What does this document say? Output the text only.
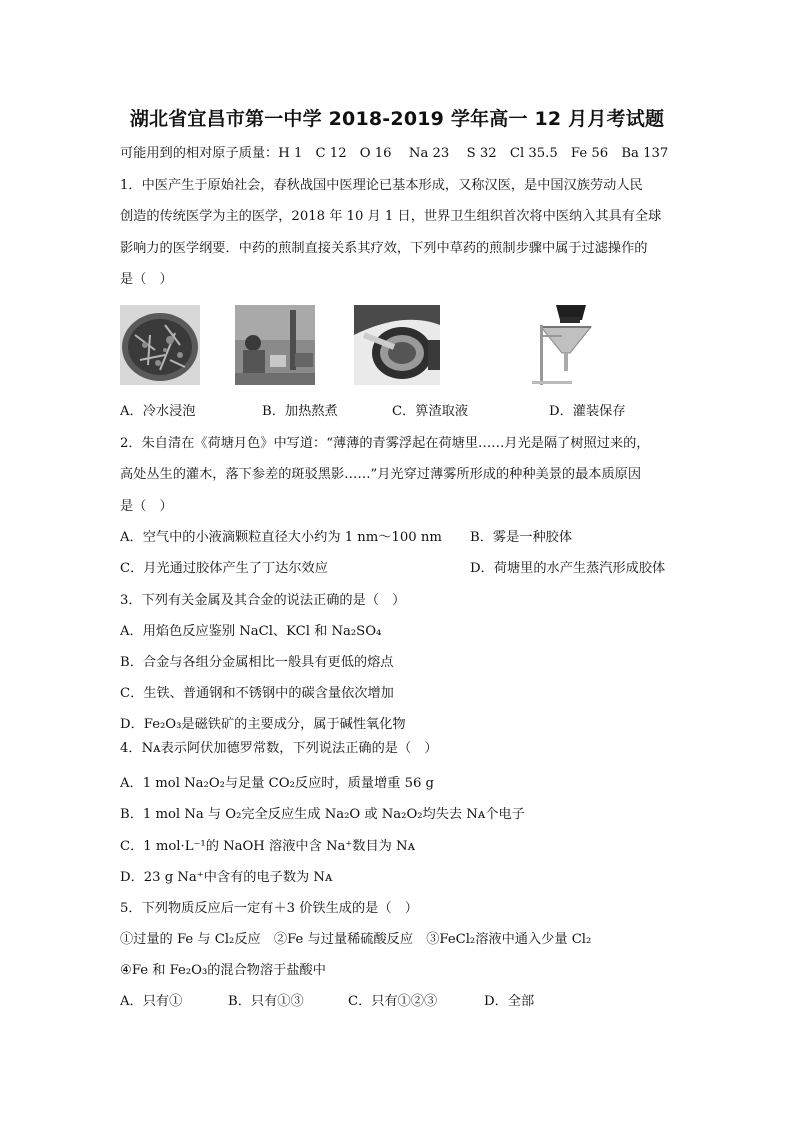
湖北省宜昌市第一中学 2018-2019 学年高一 12 月月考试题
可能用到的相对原子质量：H 1　C 12　O 16　 Na 23　 S 32　Cl 35.5　Fe 56　Ba 137
1．中医产生于原始社会，春秋战国中医理论已基本形成，又称汉医，是中国汉族劳动人民
创造的传统医学为主的医学，2018 年 10 月 1 日，世界卫生组织首次将中医纳入其具有全球
影响力的医学纲要．中药的煎制直接关系其疗效，下列中草药的煎制步骤中属于过滤操作的
是（　）
A．冷水浸泡	B．加热熬煮	C．箅渣取液	D．灌装保存
2．朱自清在《荷塘月色》中写道：“薄薄的青雾浮起在荷塘里……月光是隔了树照过来的，
高处丛生的灌木，落下参差的斑驳黑影……”月光穿过薄雾所形成的种种美景的最本质原因
是（　）
A．空气中的小液滴颗粒直径大小约为 1 nm～100 nm B．雾是一种胶体
C．月光通过胶体产生了丁达尔效应	D．荷塘里的水产生蒸汽形成胶体
3．下列有关金属及其合金的说法正确的是（　）
A．用焰色反应鉴别 NaCl、KCl 和 Na₂SO₄
B．合金与各组分金属相比一般具有更低的熔点
C．生铁、普通钢和不锈钢中的碳含量依次增加
D．Fe₂O₃是磁铁矿的主要成分，属于碱性氧化物
4．Nᴀ表示阿伏加德罗常数，下列说法正确的是（　）
A．1 mol Na₂O₂与足量 CO₂反应时，质量增重 56 g
B．1 mol Na 与 O₂完全反应生成 Na₂O 或 Na₂O₂均失去 Nᴀ个电子
C．1 mol·L⁻¹的 NaOH 溶液中含 Na⁺数目为 Nᴀ
D．23 g Na⁺中含有的电子数为 Nᴀ
5．下列物质反应后一定有＋3 价铁生成的是（　）
①过量的 Fe 与 Cl₂反应　②Fe 与过量稀硫酸反应　③FeCl₂溶液中通入少量 Cl₂
④Fe 和 Fe₂O₃的混合物溶于盐酸中
A．只有①	B．只有①③	C．只有①②③	D．全部
